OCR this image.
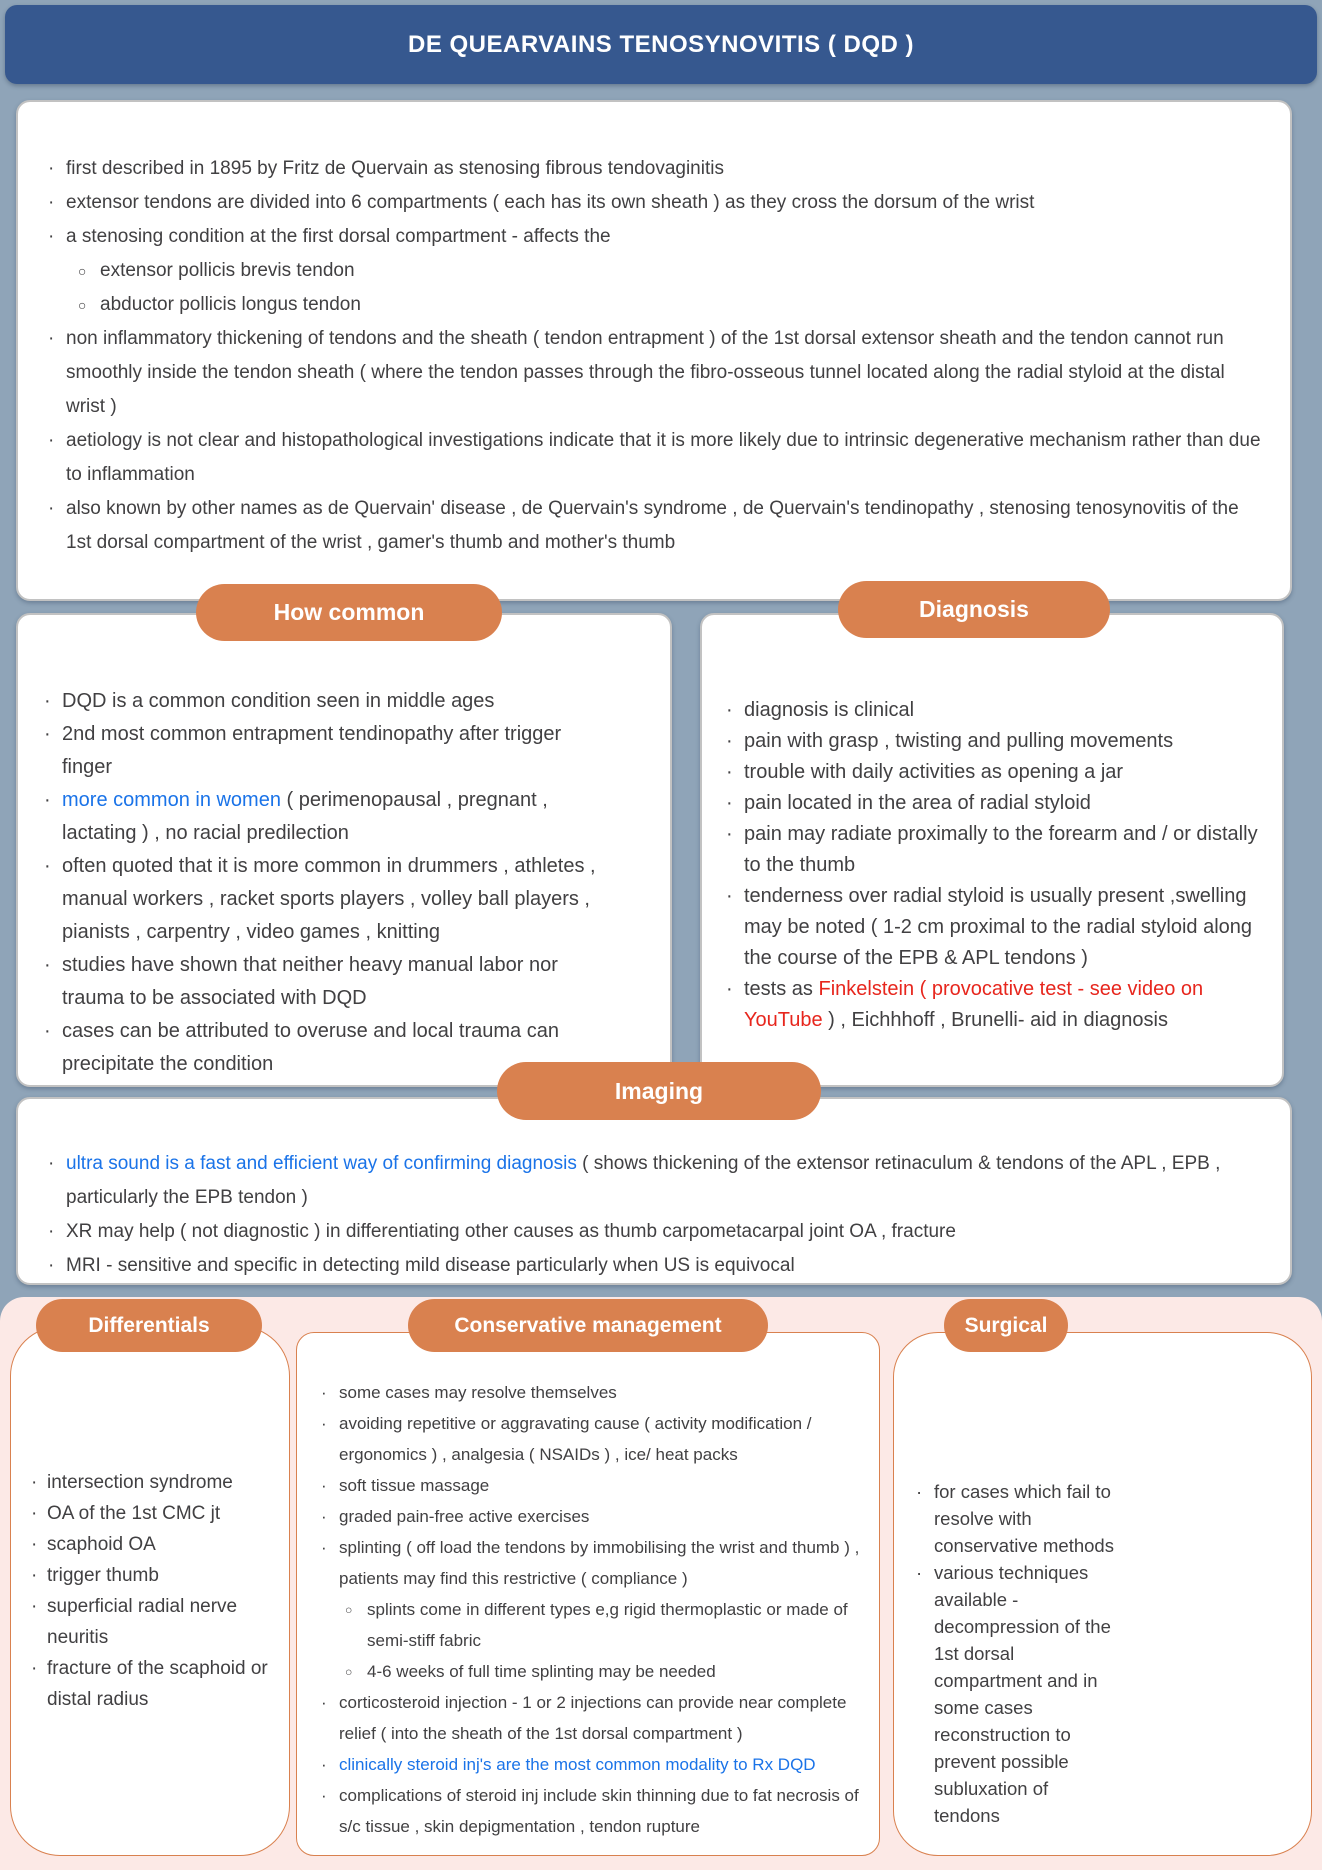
DE QUEARVAINS TENOSYNOVITIS ( DQD )
· first described in 1895 by Fritz de Quervain as stenosing fibrous tendovaginitis
· extensor tendons are divided into 6 compartments ( each has its own sheath ) as they cross the dorsum of the wrist
· a stenosing condition at the first dorsal compartment - affects the
○ extensor pollicis brevis tendon
○ abductor pollicis longus tendon
· non inflammatory thickening of tendons and the sheath ( tendon entrapment ) of the 1st dorsal extensor sheath and the tendon cannot run smoothly inside the tendon sheath ( where the tendon passes through the fibro-osseous tunnel located along the radial styloid at the distal wrist )
· aetiology is not clear and histopathological investigations indicate that it is more likely due to intrinsic degenerative mechanism rather than due to inflammation
· also known by other names as de Quervain' disease , de Quervain's syndrome , de Quervain's tendinopathy , stenosing tenosynovitis of the 1st dorsal compartment of the wrist , gamer's thumb and mother's thumb
· DQD is a common condition seen in middle ages
· 2nd most common entrapment tendinopathy after trigger finger
· more common in women ( perimenopausal , pregnant , lactating ) , no racial predilection
· often quoted that it is more common in drummers , athletes , manual workers , racket sports players , volley ball players , pianists , carpentry , video games , knitting
· studies have shown that neither heavy manual labor nor trauma to be associated with DQD
· cases can be attributed to overuse and local trauma can precipitate the condition
· diagnosis is clinical
· pain with grasp , twisting and pulling movements
· trouble with daily activities as opening a jar
· pain located in the area of radial styloid
· pain may radiate proximally to the forearm and / or distally to the thumb
· tenderness over radial styloid is usually present ,swelling may be noted ( 1-2 cm proximal to the radial styloid along the course of the EPB & APL tendons )
· tests as Finkelstein ( provocative test - see video on YouTube ) , Eichhhoff , Brunelli- aid in diagnosis
· ultra sound is a fast and efficient way of confirming diagnosis ( shows thickening of the extensor retinaculum & tendons of the APL , EPB , particularly the EPB tendon )
· XR may help ( not diagnostic ) in differentiating other causes as thumb carpometacarpal joint OA , fracture
· MRI - sensitive and specific in detecting mild disease particularly when US is equivocal
· intersection syndrome
· OA of the 1st CMC jt
· scaphoid OA
· trigger thumb
· superficial radial nerve neuritis
· fracture of the scaphoid or distal radius
· some cases may resolve themselves
· avoiding repetitive or aggravating cause ( activity modification / ergonomics ) , analgesia ( NSAIDs ) , ice/ heat packs
· soft tissue massage
· graded pain-free active exercises
· splinting ( off load the tendons by immobilising the wrist and thumb ) , patients may find this restrictive ( compliance )
○ splints come in different types e,g rigid thermoplastic or made of semi-stiff fabric
○ 4-6 weeks of full time splinting may be needed
· corticosteroid injection - 1 or 2 injections can provide near complete relief ( into the sheath of the 1st dorsal compartment )
· clinically steroid inj's are the most common modality to Rx DQD
· complications of steroid inj include skin thinning due to fat necrosis of s/c tissue , skin depigmentation , tendon rupture
· for cases which fail to resolve with conservative methods
· various techniques available - decompression of the 1st dorsal compartment and in some cases reconstruction to prevent possible subluxation of tendons
How common	Diagnosis
Imaging
Differentials	Conservative management	Surgical
